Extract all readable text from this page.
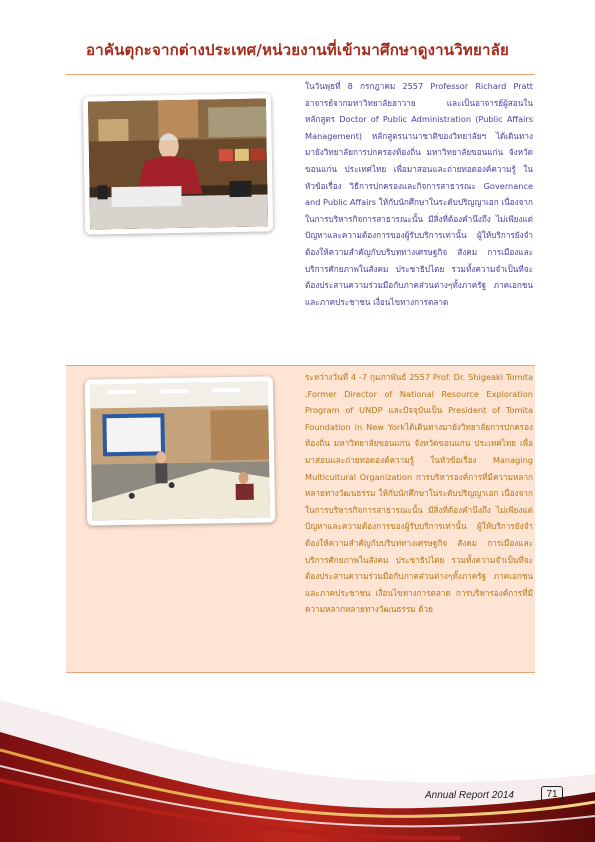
อาคันตุกะจากต่างประเทศ/หน่วยงานที่เข้ามาศึกษาดูงานวิทยาลัย
ในวันพุธที่ 8 กรกฎาคม 2557 Professor Richard Pratt อาจารย์จากมหาวิทยาลัยฮาวาย และเป็นอาจารย์ผู้สอนในหลักสูตร Doctor of Public Administration (Public Affairs Management) หลักสูตรนานาชาติของวิทยาลัยฯ ได้เดินทางมายังวิทยาลัยการปกครองท้องถิ่น มหาวิทยาลัยขอนแก่น จังหวัดขอนแก่น ประเทศไทย เพื่อมาสอนและถ่ายทอดองค์ความรู้ ในหัวข้อเรื่อง วิธีการปกครองและกิจการสาธารณะ Governance and Public Affairs ให้กับนักศึกษาในระดับปริญญาเอก เนื่องจากในการบริหารกิจการสาธารณะนั้น มีสิ่งที่ต้องคำนึงถึง ไม่เพียงแต่ปัญหาและความต้องการของผู้รับบริการเท่านั้น ผู้ให้บริการยังจำต้องให้ความสำคัญกับบริบททางเศรษฐกิจ สังคม การเมืองและบริการศักยภาพในสังคม ประชาธิปไตย รวมทั้งความจำเป็นที่จะต้องประสานความร่วมมือกับภาคส่วนต่างๆทั้งภาครัฐ ภาคเอกชน และภาคประชาชน เงื่อนไขทางการตลาด
ระหว่างวันที่ 4 -7 กุมภาพันธ์ 2557 Prof. Dr. Shigeaki Tomita ,Former Director of National Resource Exploration Program of UNDP และปัจจุบันเป็น President of Tomita Foundation in New Yorkได้เดินทางมายังวิทยาลัยการปกครองท้องถิ่น มหาวิทยาลัยขอนแก่น จังหวัดขอนแก่น ประเทศไทย เพื่อมาสอนและถ่ายทอดองค์ความรู้ ในหัวข้อเรื่อง Managing Multicultural Organization การบริหารองค์การที่มีความหลากหลายทางวัฒนธรรม ให้กับนักศึกษาในระดับปริญญาเอก เนื่องจากในการบริหารกิจการสาธารณะนั้น มีสิ่งที่ต้องคำนึงถึง ไม่เพียงแต่ปัญหาและความต้องการของผู้รับบริการเท่านั้น ผู้ให้บริการยังจำต้องให้ความสำคัญกับบริบททางเศรษฐกิจ สังคม การเมืองและบริการศักยภาพในสังคม ประชาธิปไตย รวมทั้งความจำเป็นที่จะต้องประสานความร่วมมือกับภาคส่วนต่างๆทั้งภาครัฐ ภาคเอกชน และภาคประชาชน เงื่อนไขทางการตลาด การบริหารองค์การที่มีความหลากหลายทางวัฒนธรรม ด้วย
Annual Report 2014	71
